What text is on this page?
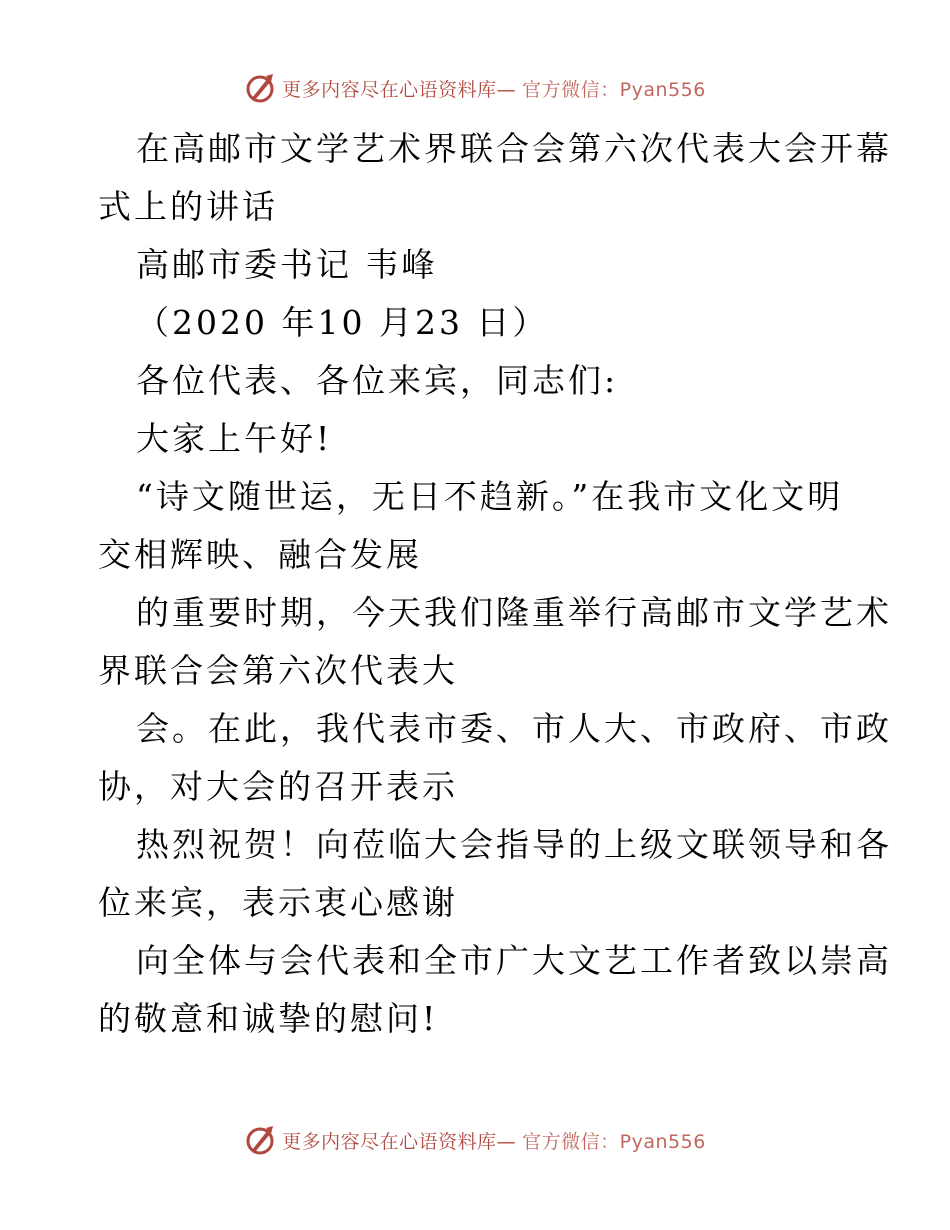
更多内容尽在心语资料库— 官方微信：Pyan556
在高邮市文学艺术界联合会第六次代表大会开幕
式上的讲话
高邮市委书记 韦峰
（2020 年10 月23 日）
各位代表、各位来宾，同志们:
大家上午好!
“诗文随世运，无日不趋新。”在我市文化文明
交相辉映、融合发展
的重要时期，今天我们隆重举行高邮市文学艺术
界联合会第六次代表大
会。在此，我代表市委、市人大、市政府、市政
协，对大会的召开表示
热烈祝贺！向莅临大会指导的上级文联领导和各
位来宾，表示衷心感谢
向全体与会代表和全市广大文艺工作者致以崇高
的敬意和诚挚的慰问!
更多内容尽在心语资料库— 官方微信：Pyan556
